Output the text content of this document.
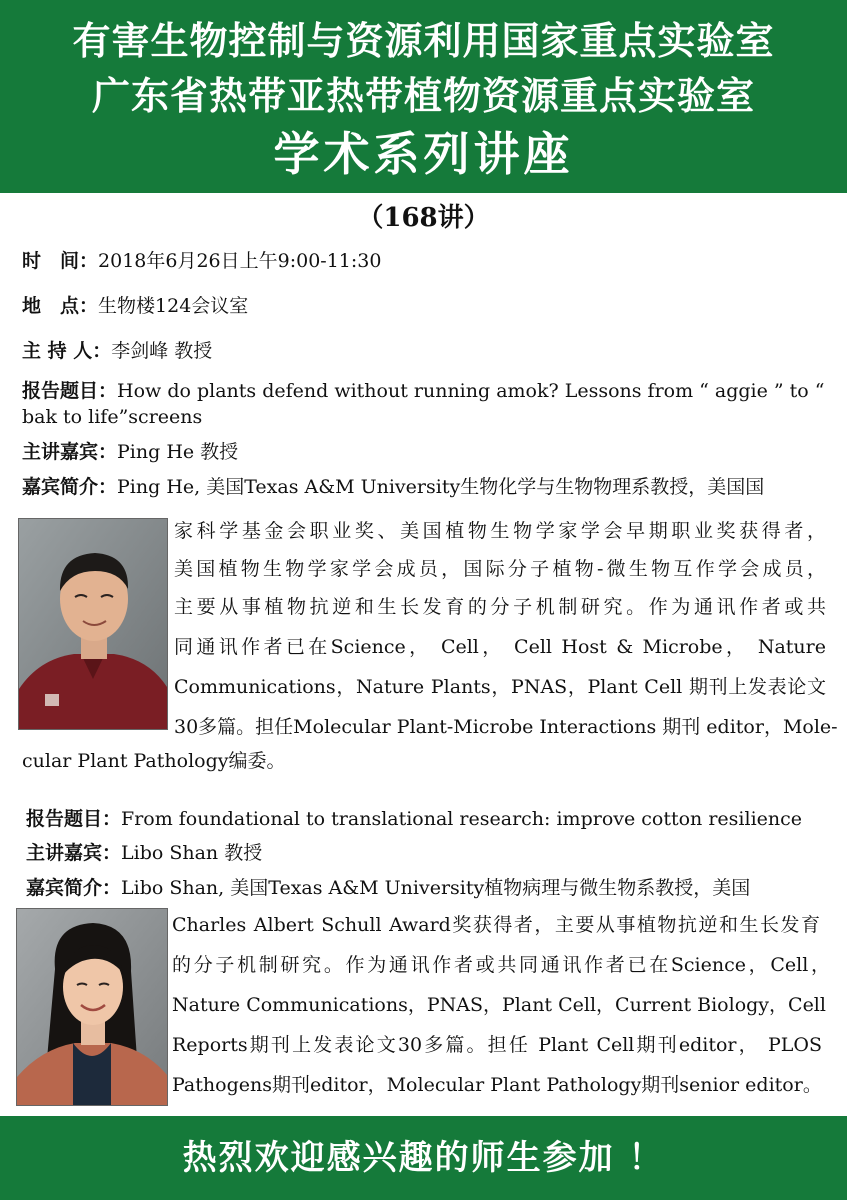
有害生物控制与资源利用国家重点实验室
广东省热带亚热带植物资源重点实验室
学术系列讲座
（168讲）
时　间：2018年6月26日上午9:00-11:30
地　点：生物楼124会议室
主 持 人：李剑峰 教授
报告题目：How do plants defend without running amok? Lessons from “ aggie ” to “ bak to life”screens
主讲嘉宾：Ping He 教授
嘉宾简介：Ping He, 美国Texas A&M University生物化学与生物物理系教授，美国国
家科学基金会职业奖、美国植物生物学家学会早期职业奖获得者，
美国植物生物学家学会成员，国际分子植物-微生物互作学会成员，
主要从事植物抗逆和生长发育的分子机制研究。作为通讯作者或共
同通讯作者已在Science， Cell， Cell Host & Microbe， Nature
Communications，Nature Plants，PNAS，Plant Cell 期刊上发表论文
30多篇。担任Molecular Plant-Microbe Interactions 期刊 editor，Mole-
cular Plant Pathology编委。
报告题目：From foundational to translational research: improve cotton resilience
主讲嘉宾：Libo Shan 教授
嘉宾简介：Libo Shan, 美国Texas A&M University植物病理与微生物系教授，美国
Charles Albert Schull Award奖获得者，主要从事植物抗逆和生长发育
的分子机制研究。作为通讯作者或共同通讯作者已在Science，Cell，
Nature Communications，PNAS，Plant Cell，Current Biology，Cell
Reports期刊上发表论文30多篇。担任 Plant Cell期刊editor， PLOS
Pathogens期刊editor，Molecular Plant Pathology期刊senior editor。
热烈欢迎感兴趣的师生参加 ！
